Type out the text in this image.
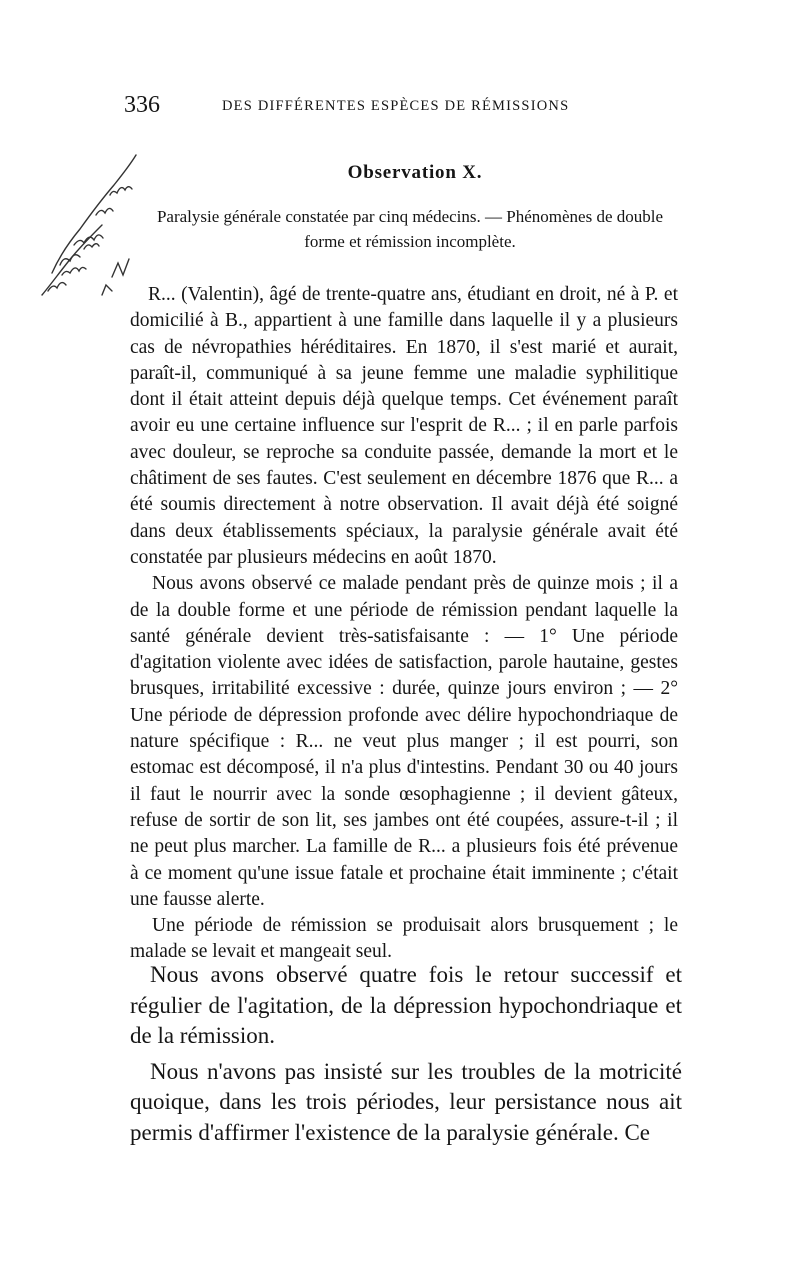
336	DES DIFFÉRENTES ESPÈCES DE RÉMISSIONS
Observation X.
Paralysie générale constatée par cinq médecins. — Phénomènes de double forme et rémission incomplète.

R... (Valentin), âgé de trente-quatre ans, étudiant en droit, né à P. et domicilié à B., appartient à une famille dans laquelle il y a plusieurs cas de névropathies héréditaires. En 1870, il s'est marié et aurait, paraît-il, communiqué à sa jeune femme une maladie syphilitique dont il était atteint depuis déjà quelque temps. Cet événement paraît avoir eu une certaine influence sur l'esprit de R... ; il en parle parfois avec douleur, se reproche sa conduite passée, demande la mort et le châtiment de ses fautes. C'est seulement en décembre 1876 que R... a été soumis directement à notre observation. Il avait déjà été soigné dans deux établissements spéciaux, la paralysie générale avait été constatée par plusieurs médecins en août 1870.

Nous avons observé ce malade pendant près de quinze mois ; il a de la double forme et une période de rémission pendant laquelle la santé générale devient très-satisfaisante : — 1° Une période d'agitation violente avec idées de satisfaction, parole hautaine, gestes brusques, irritabilité excessive : durée, quinze jours environ ; — 2° Une période de dépression profonde avec délire hypochondriaque de nature spécifique : R... ne veut plus manger ; il est pourri, son estomac est décomposé, il n'a plus d'intestins. Pendant 30 ou 40 jours il faut le nourrir avec la sonde œsophagienne ; il devient gâteux, refuse de sortir de son lit, ses jambes ont été coupées, assure-t-il ; il ne peut plus marcher. La famille de R... a plusieurs fois été prévenue à ce moment qu'une issue fatale et prochaine était imminente ; c'était une fausse alerte.

Une période de rémission se produisait alors brusquement ; le malade se levait et mangeait seul.

Nous avons observé quatre fois le retour successif et régulier de l'agitation, de la dépression hypochondriaque et de la rémission.

Nous n'avons pas insisté sur les troubles de la motricité quoique, dans les trois périodes, leur persistance nous ait permis d'affirmer l'existence de la paralysie générale. Ce
